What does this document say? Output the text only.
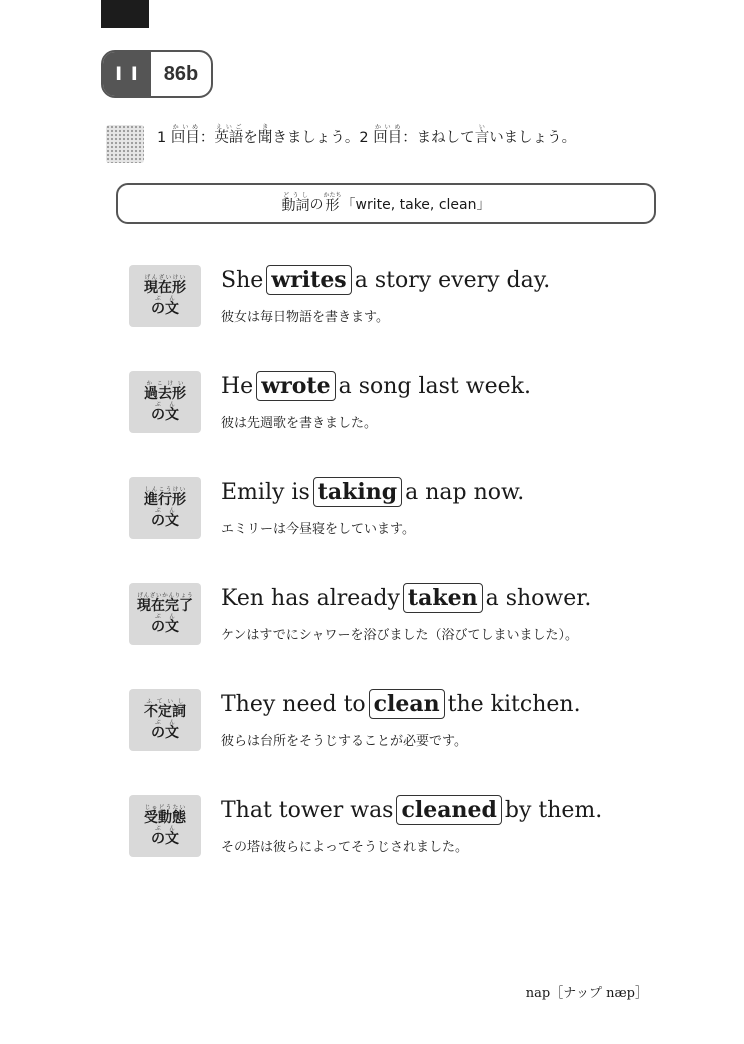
I I	86b
1 回目かいめ：英語えいごを聞ききましょう。2 回目かいめ：まねして言いいましょう。
動詞どうし
の 形かたち
「write, take, clean」
現在形げんざいけい
の文ぶん
She writes a story every day.
彼女は毎日物語を書きます。
過去形かこけい
の文ぶん
He wrote a song last week.
彼は先週歌を書きました。
進行形しんこうけい
の文ぶん
Emily is taking a nap now.
エミリーは今昼寝をしています。
現在完了げんざいかんりょう
の文ぶん
Ken has already taken a shower.
ケンはすでにシャワーを浴びました（浴びてしまいました）。
不定詞ふていし
の文ぶん
They need to clean the kitchen.
彼らは台所をそうじすることが必要です。
受動態じゅどうたい
の文ぶん
That tower was cleaned by them.
その塔は彼らによってそうじされました。
nap［ナップ næp］
